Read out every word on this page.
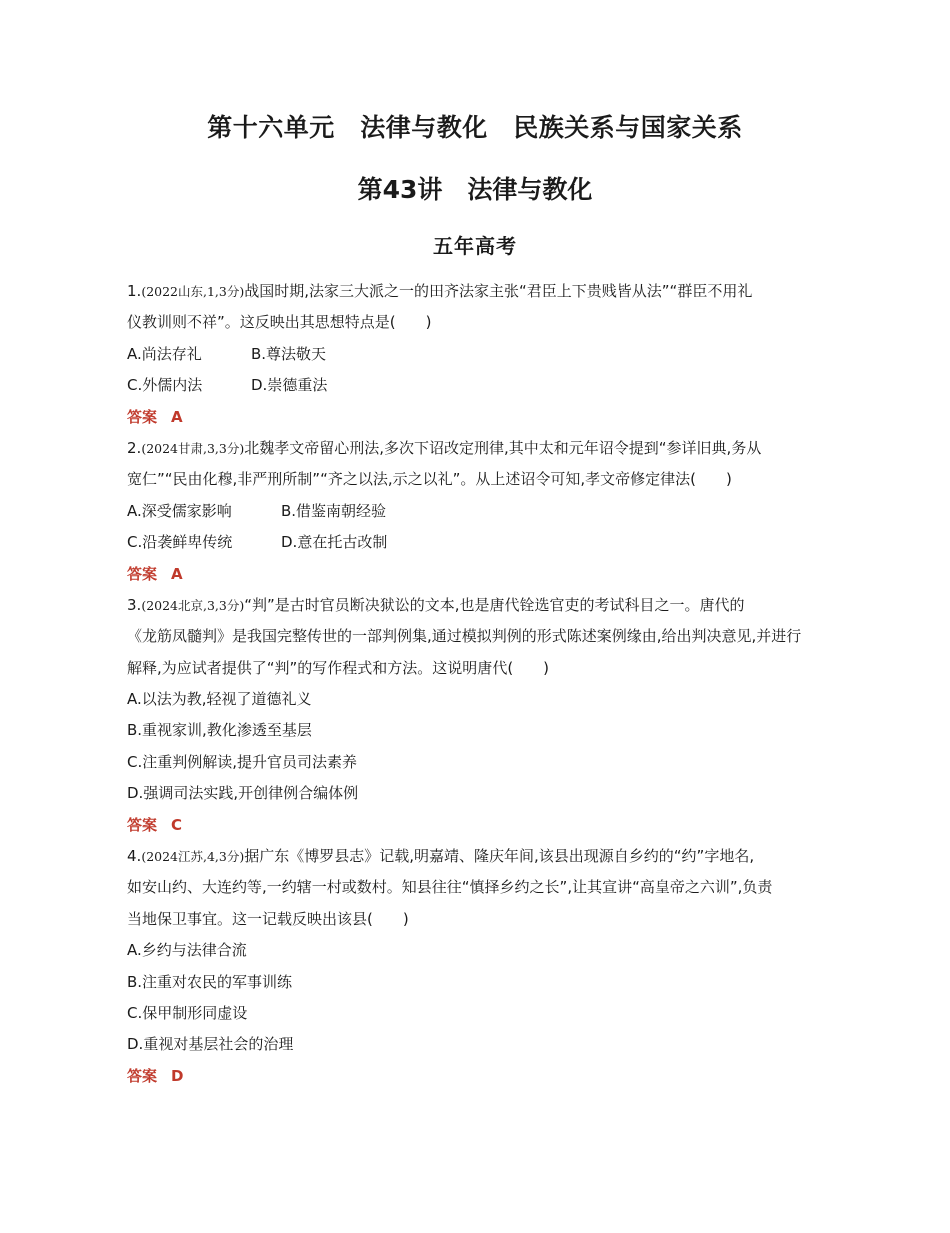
第十六单元　法律与教化　民族关系与国家关系
第43讲　法律与教化
五年高考
1.(2022山东,1,3分)战国时期,法家三大派之一的田齐法家主张“君臣上下贵贱皆从法”“群臣不用礼
仪教训则不祥”。这反映出其思想特点是(　　)
A.尚法存礼	B.尊法敬天
C.外儒内法	D.崇德重法
答案 A
2.(2024甘肃,3,3分)北魏孝文帝留心刑法,多次下诏改定刑律,其中太和元年诏令提到“参详旧典,务从
宽仁”“民由化穆,非严刑所制”“齐之以法,示之以礼”。从上述诏令可知,孝文帝修定律法(　　)
A.深受儒家影响	B.借鉴南朝经验
C.沿袭鲜卑传统	D.意在托古改制
答案 A
3.(2024北京,3,3分)“判”是古时官员断决狱讼的文本,也是唐代铨选官吏的考试科目之一。唐代的
《龙筋凤髓判》是我国完整传世的一部判例集,通过模拟判例的形式陈述案例缘由,给出判决意见,并进行
解释,为应试者提供了“判”的写作程式和方法。这说明唐代(　　)
A.以法为教,轻视了道德礼义
B.重视家训,教化渗透至基层
C.注重判例解读,提升官员司法素养
D.强调司法实践,开创律例合编体例
答案 C
4.(2024江苏,4,3分)据广东《博罗县志》记载,明嘉靖、隆庆年间,该县出现源自乡约的“约”字地名,
如安山约、大连约等,一约辖一村或数村。知县往往“慎择乡约之长”,让其宣讲“高皇帝之六训”,负责
当地保卫事宜。这一记载反映出该县(　　)
A.乡约与法律合流
B.注重对农民的军事训练
C.保甲制形同虚设
D.重视对基层社会的治理
答案 D
